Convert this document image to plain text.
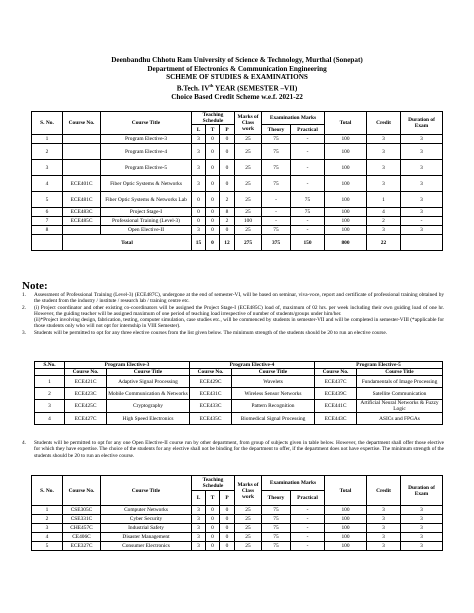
Deenbandhu Chhotu Ram University of Science & Technology, Murthal (Sonepat)
Department of Electronics & Communication Engineering
SCHEME OF STUDIES & EXAMINATIONS
B.Tech. IVth YEAR (SEMESTER –VII)
Choice Based Credit Scheme w.e.f. 2021-22
S. No.	Course No.	Course Title	Teaching Schedule			Marks of Class work	Examination Marks		Total	Credit	Duration of Exam
			L	T	P		Theory	Practical			
1		Program Elective-3	3	0	0	25	75	-	100	3	3
2		Program Elective-4	3	0	0	25	75	-	100	3	3
3		Program Elective-5	3	0	0	25	75	-	100	3	3
4	ECE401C	Fiber Optic Systems & Networks	3	0	0	25	75	-	100	3	3
5	ECE481C	Fiber Optic Systems & Networks Lab	0	0	2	25	-	75	100	1	3
6	ECE483C	Project Stage-I	0	0	8	25	-	75	100	4	3
7	ECE485C	Professional Training (Level-3)	0	0	2	100	-	-	100	2	-
8		Open Elective-II	3	0	0	25	75	-	100	3	3
	Total		15	0	12	275	375	150	800	22	
Note:
1.	Assessment of Professional Training (Level-3) (ECE487C), undergone at the end of semester-VI, will be based on seminar, viva-voce, report and certificate of professional training obtained by the student from the industry / institute / research lab / training centre etc.
2.	(i) Project coordinator and other existing co-coordinators will be assigned the Project Stage-I (ECE485C) load of, maximum of 02 hrs. per week including their own guiding load of one hr. However, the guiding teacher will be assigned maximum of one period of teaching load irrespective of number of students/groups under him/her.
(ii)*Project involving design, fabrication, testing, computer simulation, case studies etc., will be commenced by students in semester-VII and will be completed in semester-VIII (*applicable for those students only who will not opt for internship in VIII Semester).
3.	Students will be permitted to opt for any three elective courses from the list given below. The minimum strength of the students should be 20 to run an elective course.
S.No.	Program Elective-3		Program Elective-4		Program Elective-5	
	Course No.	Course Title	Course No.	Course Title	Course No.	Course Title
1	ECE421C	Adaptive Signal Processing	ECE429C	Wavelets	ECE437C	Fundamentals of Image Processing
2	ECE423C	Mobile Communication & Networks	ECE431C	Wireless Sensor Networks	ECE439C	Satellite Communication
3	ECE425C	Cryptography	ECE433C	Pattern Recognition	ECE441C	Artificial Neural Networks & Fuzzy Logic
4	ECE427C	High Speed Electronics	ECE435C	Biomedical Signal Processing	ECE443C	ASICs and FPGAs
4.	Students will be permitted to opt for any one Open Elective-II course run by other department, from group of subjects given in table below. However, the department shall offer those elective for which they have expertise. The choice of the students for any elective shall not be binding for the department to offer, if the department does not have expertise. The minimum strength of the students should be 20 to run an elective course.
S. No.	Course No.	Course Title	Teaching Schedule			Marks of Class work	Examination Marks		Total	Credit	Duration of Exam
			L	T	P		Theory	Practical			
1	CSE305C	Computer Networks	3	0	0	25	75	-	100	3	3
2	CSE331C	Cyber Security	3	0	0	25	75	-	100	3	3
3	CHE457C	Industrial Safety	3	0	0	25	75	-	100	3	3
4	CE406C	Disaster Management	3	0	0	25	75	-	100	3	3
5	ECE327C	Consumer Electronics	3	0	0	25	75	-	100	3	3
